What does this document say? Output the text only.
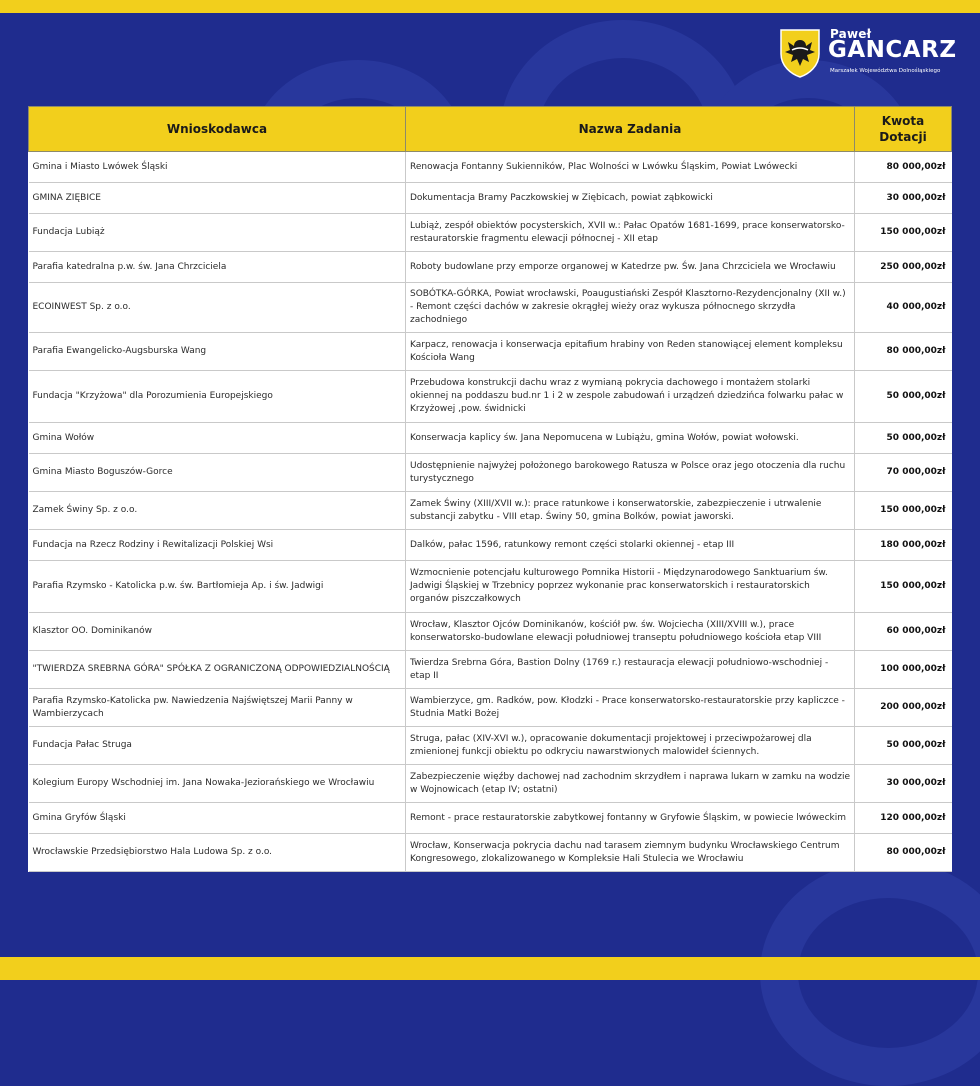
Paweł
GANCARZ
Marszałek Województwa Dolnośląskiego
Wnioskodawca	Nazwa Zadania	Kwota Dotacji
Gmina i Miasto Lwówek Śląski	Renowacja Fontanny Sukienników, Plac Wolności w Lwówku Śląskim, Powiat Lwówecki	80 000,00zł
GMINA ZIĘBICE	Dokumentacja Bramy Paczkowskiej w Ziębicach, powiat ząbkowicki	30 000,00zł
Fundacja Lubiąż	Lubiąż, zespół obiektów pocysterskich, XVII w.: Pałac Opatów 1681-1699, prace konserwatorsko-restauratorskie fragmentu elewacji północnej - XII etap	150 000,00zł
Parafia katedralna p.w. św. Jana Chrzciciela	Roboty budowlane przy emporze organowej w Katedrze pw. Św. Jana Chrzciciela we Wrocławiu	250 000,00zł
ECOINWEST Sp. z o.o.	SOBÓTKA-GÓRKA, Powiat wrocławski, Poaugustiański Zespół Klasztorno-Rezydencjonalny (XII w.) - Remont części dachów w zakresie okrągłej wieży oraz wykusza północnego skrzydła zachodniego	40 000,00zł
Parafia Ewangelicko-Augsburska Wang	Karpacz, renowacja i konserwacja epitafium hrabiny von Reden stanowiącej element kompleksu Kościoła Wang	80 000,00zł
Fundacja "Krzyżowa" dla Porozumienia Europejskiego	Przebudowa konstrukcji dachu wraz z wymianą pokrycia dachowego i montażem stolarki okiennej na poddaszu bud.nr 1 i 2 w zespole zabudowań i urządzeń dziedzińca folwarku pałac w Krzyżowej ,pow. świdnicki	50 000,00zł
Gmina Wołów	Konserwacja kaplicy św. Jana Nepomucena w Lubiążu, gmina Wołów, powiat wołowski.	50 000,00zł
Gmina Miasto Boguszów-Gorce	Udostępnienie najwyżej położonego barokowego Ratusza w Polsce oraz jego otoczenia dla ruchu turystycznego	70 000,00zł
Zamek Świny Sp. z o.o.	Zamek Świny (XIII/XVII w.): prace ratunkowe i konserwatorskie, zabezpieczenie i utrwalenie substancji zabytku - VIII etap. Świny 50, gmina Bolków, powiat jaworski.	150 000,00zł
Fundacja na Rzecz Rodziny i Rewitalizacji Polskiej Wsi	Dalków, pałac 1596, ratunkowy remont części stolarki okiennej - etap III	180 000,00zł
Parafia Rzymsko - Katolicka p.w. św. Bartłomieja Ap. i św. Jadwigi	Wzmocnienie potencjału kulturowego Pomnika Historii - Międzynarodowego Sanktuarium św. Jadwigi Śląskiej w Trzebnicy poprzez wykonanie prac konserwatorskich i restauratorskich organów piszczałkowych	150 000,00zł
Klasztor OO. Dominikanów	Wrocław, Klasztor Ojców Dominikanów, kościół pw. św. Wojciecha (XIII/XVIII w.), prace konserwatorsko-budowlane elewacji południowej transeptu południowego kościoła etap VIII	60 000,00zł
"TWIERDZA SREBRNA GÓRA" SPÓŁKA Z OGRANICZONĄ ODPOWIEDZIALNOŚCIĄ	Twierdza Srebrna Góra, Bastion Dolny (1769 r.) restauracja elewacji południowo-wschodniej - etap II	100 000,00zł
Parafia Rzymsko-Katolicka pw. Nawiedzenia Najświętszej Marii Panny w Wambierzycach	Wambierzyce, gm. Radków, pow. Kłodzki - Prace konserwatorsko-restauratorskie przy kapliczce - Studnia Matki Bożej	200 000,00zł
Fundacja Pałac Struga	Struga, pałac (XIV-XVI w.), opracowanie dokumentacji projektowej i przeciwpożarowej dla zmienionej funkcji obiektu po odkryciu nawarstwionych malowideł ściennych.	50 000,00zł
Kolegium Europy Wschodniej im. Jana Nowaka-Jeziorańskiego we Wrocławiu	Zabezpieczenie więźby dachowej nad zachodnim skrzydłem i naprawa lukarn w zamku na wodzie w Wojnowicach (etap IV; ostatni)	30 000,00zł
Gmina Gryfów Śląski	Remont - prace restauratorskie zabytkowej fontanny w Gryfowie Śląskim, w powiecie lwóweckim	120 000,00zł
Wrocławskie Przedsiębiorstwo Hala Ludowa Sp. z o.o.	Wrocław, Konserwacja pokrycia dachu nad tarasem ziemnym budynku Wrocławskiego Centrum Kongresowego, zlokalizowanego w Kompleksie Hali Stulecia we Wrocławiu	80 000,00zł
